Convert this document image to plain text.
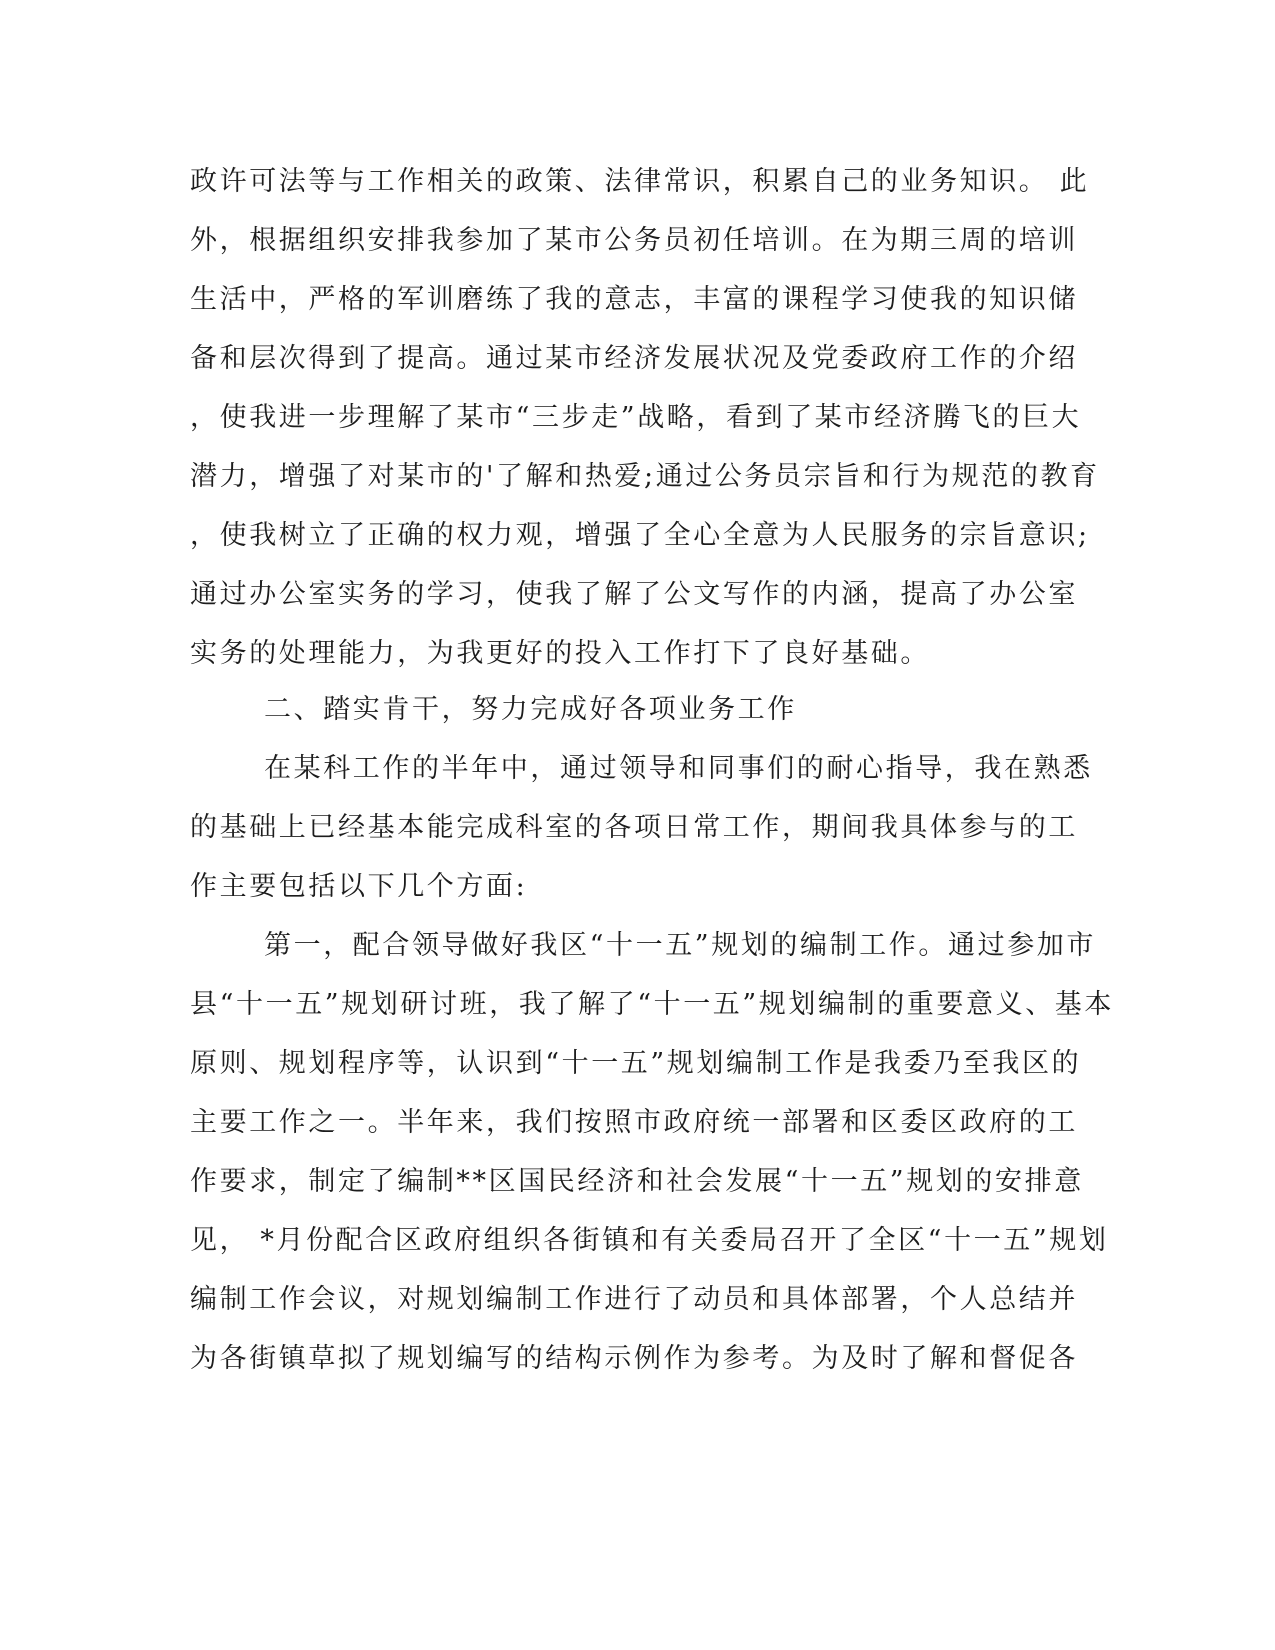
政许可法等与工作相关的政策、法律常识，积累自己的业务知识。 此
外，根据组织安排我参加了某市公务员初任培训。在为期三周的培训
生活中，严格的军训磨练了我的意志，丰富的课程学习使我的知识储
备和层次得到了提高。通过某市经济发展状况及党委政府工作的介绍
，使我进一步理解了某市“三步走”战略，看到了某市经济腾飞的巨大
潜力，增强了对某市的'了解和热爱;通过公务员宗旨和行为规范的教育
，使我树立了正确的权力观，增强了全心全意为人民服务的宗旨意识;
通过办公室实务的学习，使我了解了公文写作的内涵，提高了办公室
实务的处理能力，为我更好的投入工作打下了良好基础。
二、踏实肯干，努力完成好各项业务工作
在某科工作的半年中，通过领导和同事们的耐心指导，我在熟悉
的基础上已经基本能完成科室的各项日常工作，期间我具体参与的工
作主要包括以下几个方面:
第一，配合领导做好我区“十一五”规划的编制工作。通过参加市
县“十一五”规划研讨班，我了解了“十一五”规划编制的重要意义、基本
原则、规划程序等，认识到“十一五”规划编制工作是我委乃至我区的
主要工作之一。半年来，我们按照市政府统一部署和区委区政府的工
作要求，制定了编制**区国民经济和社会发展“十一五”规划的安排意
见， *月份配合区政府组织各街镇和有关委局召开了全区“十一五”规划
编制工作会议，对规划编制工作进行了动员和具体部署，个人总结并
为各街镇草拟了规划编写的结构示例作为参考。为及时了解和督促各
